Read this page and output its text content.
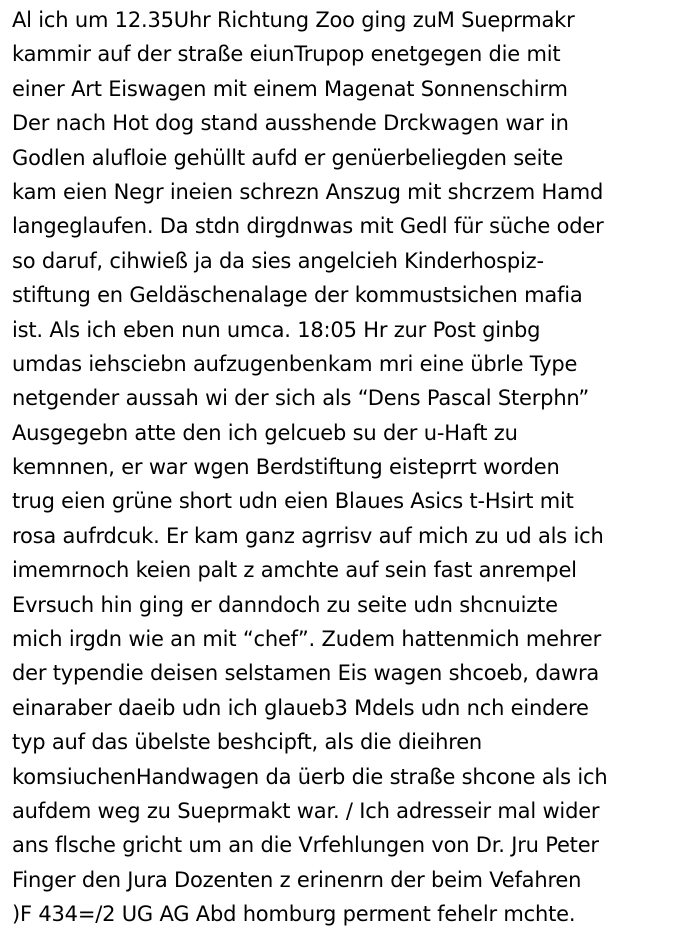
Al ich um 12.35Uhr Richtung Zoo ging zuM Sueprmakr
kammir auf der straße eiunTrupop enetgegen die mit
einer Art Eiswagen mit einem Magenat Sonnenschirm
Der nach Hot dog stand ausshende Drckwagen war in
Godlen alufloie gehüllt aufd er genüerbeliegden seite
kam eien Negr ineien schrezn Anszug mit shcrzem Hamd
langeglaufen. Da stdn dirgdnwas mit Gedl für süche oder
so daruf, cihwieß ja da sies angelcieh Kinderhospiz-
stiftung en Geldäschenalage der kommustsichen mafia
ist. Als ich eben nun umca. 18:05 Hr zur Post ginbg
umdas iehsciebn aufzugenbenkam mri eine übrle Type
netgender aussah wi der sich als “Dens Pascal Sterphn”
Ausgegebn atte den ich gelcueb su der u-Haft zu
kemnnen, er war wgen Berdstiftung eisteprrt worden
trug eien grüne short udn eien Blaues Asics t-Hsirt mit
rosa aufrdcuk. Er kam ganz agrrisv auf mich zu ud als ich
imemrnoch keien palt z amchte auf sein fast anrempel
Evrsuch hin ging er danndoch zu seite udn shcnuizte
mich irgdn wie an mit “chef”. Zudem hattenmich mehrer
der typendie deisen selstamen Eis wagen shcoeb, dawra
einaraber daeib udn ich glaueb3 Mdels udn nch eindere
typ auf das übelste beshcipft, als die dieihren
komsiuchenHandwagen da üerb die straße shcone als ich
aufdem weg zu Sueprmakt war. / Ich adresseir mal wider
ans flsche gricht um an die Vrfehlungen von Dr. Jru Peter
Finger den Jura Dozenten z erinenrn der beim Vefahren
)F 434=/2 UG AG Abd homburg perment fehelr mchte.
